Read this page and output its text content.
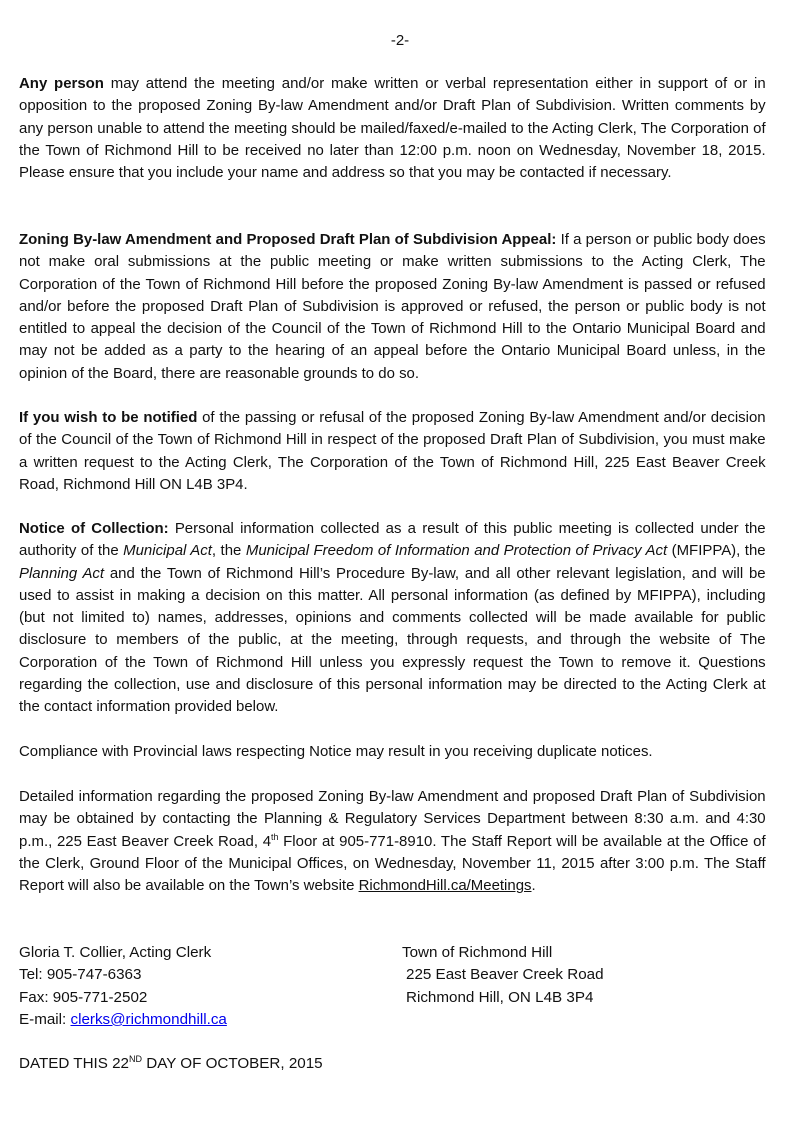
-2-

Any person may attend the meeting and/or make written or verbal representation either in support of or in opposition to the proposed Zoning By-law Amendment and/or Draft Plan of Subdivision. Written comments by any person unable to attend the meeting should be mailed/faxed/e-mailed to the Acting Clerk, The Corporation of the Town of Richmond Hill to be received no later than 12:00 p.m. noon on Wednesday, November 18, 2015. Please ensure that you include your name and address so that you may be contacted if necessary.

Zoning By-law Amendment and Proposed Draft Plan of Subdivision Appeal: If a person or public body does not make oral submissions at the public meeting or make written submissions to the Acting Clerk, The Corporation of the Town of Richmond Hill before the proposed Zoning By-law Amendment is passed or refused and/or before the proposed Draft Plan of Subdivision is approved or refused, the person or public body is not entitled to appeal the decision of the Council of the Town of Richmond Hill to the Ontario Municipal Board and may not be added as a party to the hearing of an appeal before the Ontario Municipal Board unless, in the opinion of the Board, there are reasonable grounds to do so.

If you wish to be notified of the passing or refusal of the proposed Zoning By-law Amendment and/or decision of the Council of the Town of Richmond Hill in respect of the proposed Draft Plan of Subdivision, you must make a written request to the Acting Clerk, The Corporation of the Town of Richmond Hill, 225 East Beaver Creek Road, Richmond Hill ON L4B 3P4.

Notice of Collection: Personal information collected as a result of this public meeting is collected under the authority of the Municipal Act, the Municipal Freedom of Information and Protection of Privacy Act (MFIPPA), the Planning Act and the Town of Richmond Hill’s Procedure By-law, and all other relevant legislation, and will be used to assist in making a decision on this matter. All personal information (as defined by MFIPPA), including (but not limited to) names, addresses, opinions and comments collected will be made available for public disclosure to members of the public, at the meeting, through requests, and through the website of The Corporation of the Town of Richmond Hill unless you expressly request the Town to remove it. Questions regarding the collection, use and disclosure of this personal information may be directed to the Acting Clerk at the contact information provided below.

Compliance with Provincial laws respecting Notice may result in you receiving duplicate notices.

Detailed information regarding the proposed Zoning By-law Amendment and proposed Draft Plan of Subdivision may be obtained by contacting the Planning & Regulatory Services Department between 8:30 a.m. and 4:30 p.m., 225 East Beaver Creek Road, 4th Floor at 905-771-8910. The Staff Report will be available at the Office of the Clerk, Ground Floor of the Municipal Offices, on Wednesday, November 11, 2015 after 3:00 p.m. The Staff Report will also be available on the Town’s website RichmondHill.ca/Meetings.

Gloria T. Collier, Acting Clerk
Tel: 905-747-6363
Fax: 905-771-2502
E-mail: clerks@richmondhill.ca
Town of Richmond Hill
225 East Beaver Creek Road
Richmond Hill, ON L4B 3P4
DATED THIS 22ND DAY OF OCTOBER, 2015
